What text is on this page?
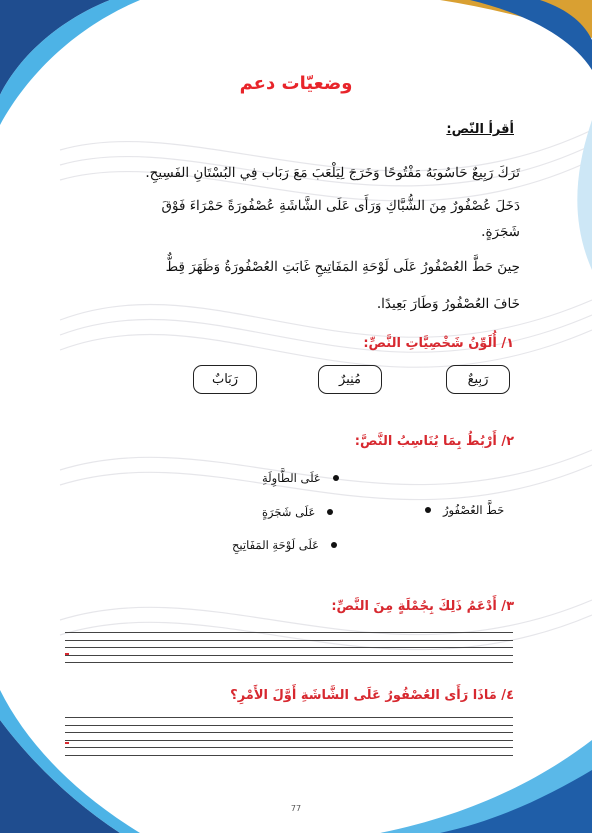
وضعيّات دعم
أقرأ النّص:
تَرَكَ رَبِيعٌ حَاسُوبَهُ مَفْتُوحًا وَخَرَجَ لِيَلْعَبَ مَعَ رَبَاب فِي البُسْتَانِ الفَسِيحِ.
دَخَلَ عُصْفُورٌ مِنَ الشُّبَّاكِ وَرَأَى عَلَى الشَّاشَةِ عُصْفُورَةً حَمْرَاءَ فَوْقَ
شَجَرَةٍ.
حِينَ حَطَّ العُصْفُورُ عَلَى لَوْحَةِ المَفَاتِيحِ غَابَتِ العُصْفُورَةُ وَظَهَرَ قِطٌّ
خَافَ العُصْفُورُ وَطَارَ بَعِيدًا.
١/ أُلَوِّنُ شَخْصِيَّاتِ النَّصِّ:
رَبِيعٌ
مُنِيرٌ
رَبَابٌ
٢/ أَرْبُطُ بِمَا يُنَاسِبُ النَّصَّ:
حَطَّ العُصْفُورُ
عَلَى الطَّاوِلَةِ
عَلَى شَجَرَةٍ
عَلَى لَوْحَةِ المَفَاتِيحِ
٣/ أَدْعَمُ ذَلِكَ بِجُمْلَةٍ مِنَ النَّصِّ:
٤/ مَاذَا رَأَى العُصْفُورُ عَلَى الشَّاشَةِ أَوَّلَ الأَمْرِ؟
77
